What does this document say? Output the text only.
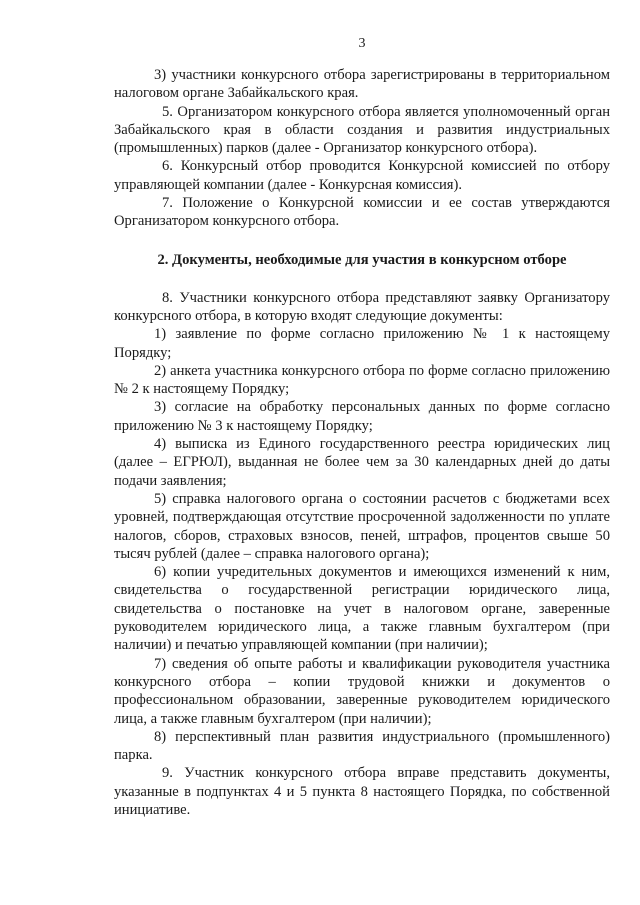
3

3) участники конкурсного отбора зарегистрированы в территориальном налоговом органе Забайкальского края.

5. Организатором конкурсного отбора является уполномоченный орган Забайкальского края в области создания и развития индустриальных (промышленных) парков (далее - Организатор конкурсного отбора).

6. Конкурсный отбор проводится Конкурсной комиссией по отбору управляющей компании (далее - Конкурсная комиссия).

7. Положение о Конкурсной комиссии и ее состав утверждаются Организатором конкурсного отбора.

2. Документы, необходимые для участия в конкурсном отборе

8. Участники конкурсного отбора представляют заявку Организатору конкурсного отбора, в которую входят следующие документы:

1) заявление по форме согласно приложению № 1 к настоящему Порядку;

2) анкета участника конкурсного отбора по форме согласно приложению № 2 к настоящему Порядку;

3) согласие на обработку персональных данных по форме согласно приложению № 3 к настоящему Порядку;

4) выписка из Единого государственного реестра юридических лиц (далее – ЕГРЮЛ), выданная не более чем за 30 календарных дней до даты подачи заявления;

5) справка налогового органа о состоянии расчетов с бюджетами всех уровней, подтверждающая отсутствие просроченной задолженности по уплате налогов, сборов, страховых взносов, пеней, штрафов, процентов свыше 50 тысяч рублей (далее – справка налогового органа);

6) копии учредительных документов и имеющихся изменений к ним, свидетельства о государственной регистрации юридического лица, свидетельства о постановке на учет в налоговом органе, заверенные руководителем юридического лица, а также главным бухгалтером (при наличии) и печатью управляющей компании (при наличии);

7) сведения об опыте работы и квалификации руководителя участника конкурсного отбора – копии трудовой книжки и документов о профессиональном образовании, заверенные руководителем юридического лица, а также главным бухгалтером (при наличии);

8) перспективный план развития индустриального (промышленного) парка.

9. Участник конкурсного отбора вправе представить документы, указанные в подпунктах 4 и 5 пункта 8 настоящего Порядка, по собственной инициативе.
